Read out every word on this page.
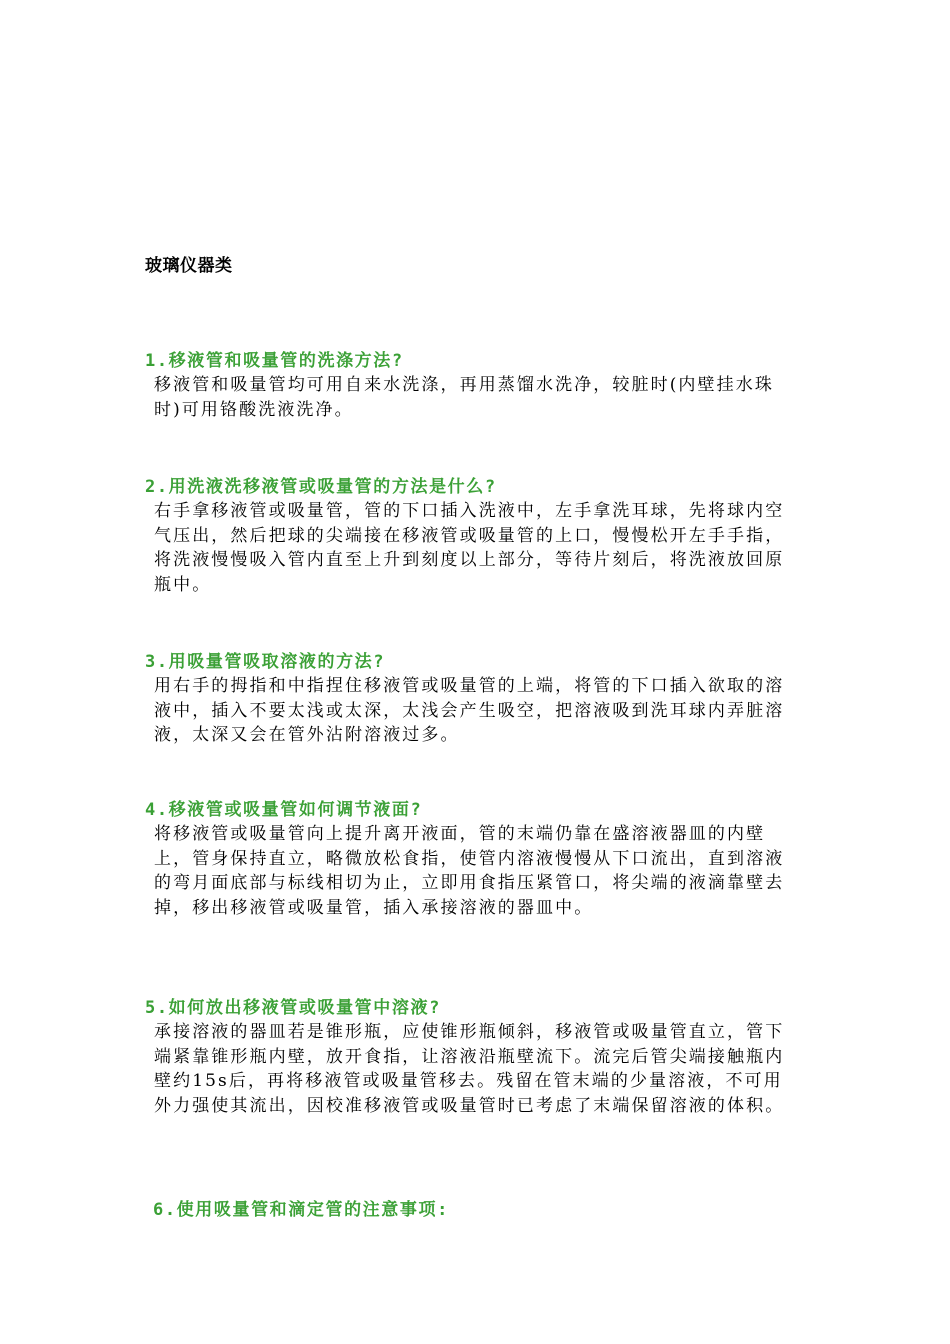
玻璃仪器类

1.移液管和吸量管的洗涤方法?

移液管和吸量管均可用自来水洗涤，再用蒸馏水洗净，较脏时(内壁挂水珠时)可用铬酸洗液洗净。

2.用洗液洗移液管或吸量管的方法是什么?

右手拿移液管或吸量管，管的下口插入洗液中，左手拿洗耳球，先将球内空气压出，然后把球的尖端接在移液管或吸量管的上口，慢慢松开左手手指，将洗液慢慢吸入管内直至上升到刻度以上部分，等待片刻后，将洗液放回原瓶中。

3.用吸量管吸取溶液的方法?

用右手的拇指和中指捏住移液管或吸量管的上端，将管的下口插入欲取的溶液中，插入不要太浅或太深，太浅会产生吸空，把溶液吸到洗耳球内弄脏溶液，太深又会在管外沾附溶液过多。

4.移液管或吸量管如何调节液面?

将移液管或吸量管向上提升离开液面，管的末端仍靠在盛溶液器皿的内壁上，管身保持直立，略微放松食指，使管内溶液慢慢从下口流出，直到溶液的弯月面底部与标线相切为止，立即用食指压紧管口，将尖端的液滴靠壁去掉，移出移液管或吸量管，插入承接溶液的器皿中。

5.如何放出移液管或吸量管中溶液?

承接溶液的器皿若是锥形瓶，应使锥形瓶倾斜，移液管或吸量管直立，管下端紧靠锥形瓶内壁，放开食指，让溶液沿瓶壁流下。流完后管尖端接触瓶内壁约15s后，再将移液管或吸量管移去。残留在管末端的少量溶液，不可用外力强使其流出，因校准移液管或吸量管时已考虑了末端保留溶液的体积。

6.使用吸量管和滴定管的注意事项:
